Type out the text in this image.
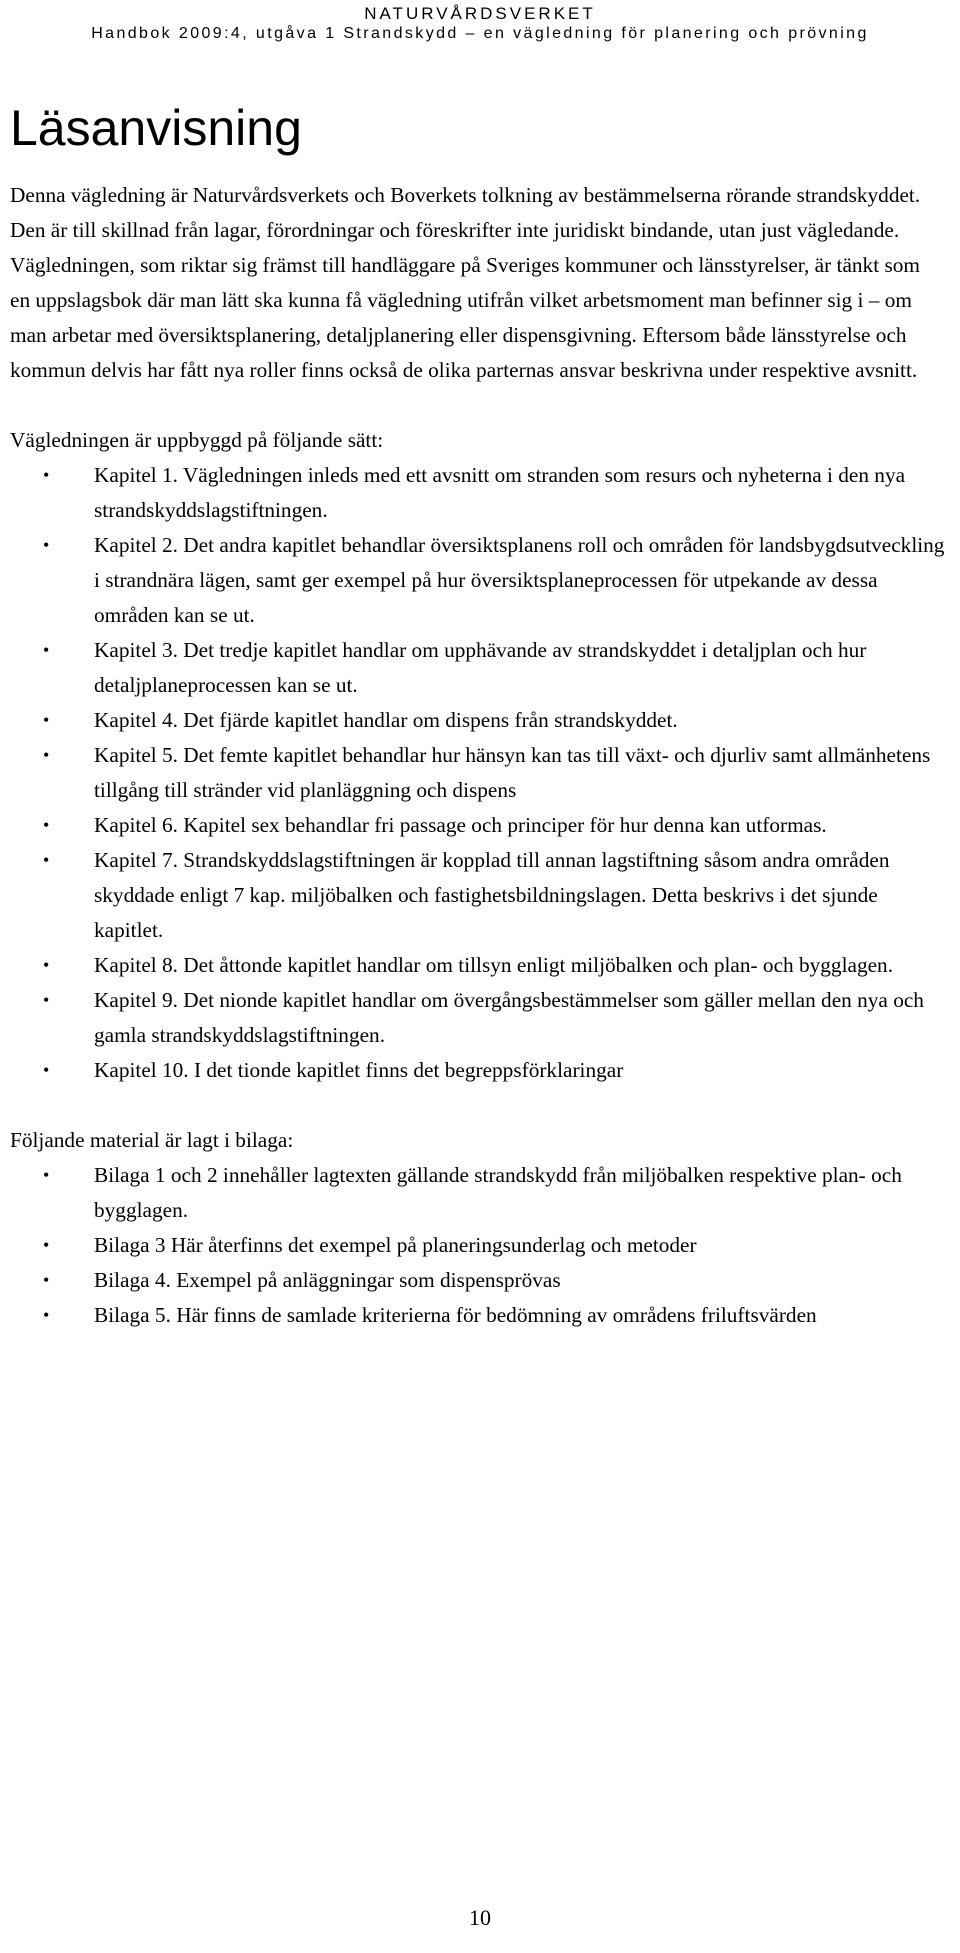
NATURVÅRDSVERKET
Handbok 2009:4, utgåva 1 Strandskydd – en vägledning för planering och prövning
Läsanvisning

Denna vägledning är Naturvårdsverkets och Boverkets tolkning av bestämmelserna rörande strandskyddet. Den är till skillnad från lagar, förordningar och föreskrifter inte juridiskt bindande, utan just vägledande. Vägledningen, som riktar sig främst till handläggare på Sveriges kommuner och länsstyrelser, är tänkt som en uppslagsbok där man lätt ska kunna få vägledning utifrån vilket arbetsmoment man befinner sig i – om man arbetar med översiktsplanering, detaljplanering eller dispensgivning. Eftersom både länsstyrelse och kommun delvis har fått nya roller finns också de olika parternas ansvar beskrivna under respektive avsnitt.

Vägledningen är uppbyggd på följande sätt:

• Kapitel 1. Vägledningen inleds med ett avsnitt om stranden som resurs och nyheterna i den nya strandskyddslagstiftningen.
• Kapitel 2. Det andra kapitlet behandlar översiktsplanens roll och områden för landsbygdsutveckling i strandnära lägen, samt ger exempel på hur översiktsplaneprocessen för utpekande av dessa områden kan se ut.
• Kapitel 3. Det tredje kapitlet handlar om upphävande av strandskyddet i detaljplan och hur detaljplaneprocessen kan se ut.
• Kapitel 4. Det fjärde kapitlet handlar om dispens från strandskyddet.
• Kapitel 5. Det femte kapitlet behandlar hur hänsyn kan tas till växt- och djurliv samt allmänhetens tillgång till stränder vid planläggning och dispens
• Kapitel 6. Kapitel sex behandlar fri passage och principer för hur denna kan utformas.
• Kapitel 7. Strandskyddslagstiftningen är kopplad till annan lagstiftning såsom andra områden skyddade enligt 7 kap. miljöbalken och fastighetsbildningslagen. Detta beskrivs i det sjunde kapitlet.
• Kapitel 8. Det åttonde kapitlet handlar om tillsyn enligt miljöbalken och plan- och bygglagen.
• Kapitel 9. Det nionde kapitlet handlar om övergångsbestämmelser som gäller mellan den nya och gamla strandskyddslagstiftningen.
• Kapitel 10. I det tionde kapitlet finns det begreppsförklaringar

Följande material är lagt i bilaga:

• Bilaga 1 och 2 innehåller lagtexten gällande strandskydd från miljöbalken respektive plan- och bygglagen.
• Bilaga 3 Här återfinns det exempel på planeringsunderlag och metoder
• Bilaga 4. Exempel på anläggningar som dispensprövas
• Bilaga 5. Här finns de samlade kriterierna för bedömning av områdens friluftsvärden
10
